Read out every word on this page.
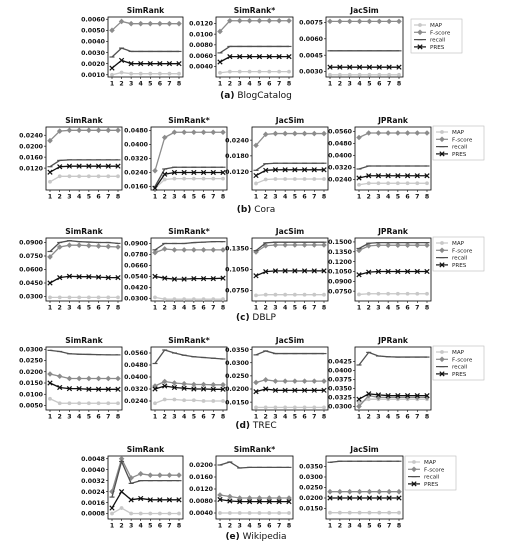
SimRank
0.0060
0.0050
0.0040
0.0030
0.0020
0.0010
1 2 3 4 5 6 7 8
SimRank*
0.0120
0.0100
0.0080
0.0060
0.0040
1 2 3 4 5 6 7 8
JacSim
0.0075
0.0060
0.0045
0.0030
1 2 3 4 5 6 7 8
SimRank
0.0240
0.0200
0.0160
0.0120
1 2 3 4 5 6 7 8
SimRank*
0.0480
0.0400
0.0320
0.0240
0.0160
1 2 3 4 5 6 7 8
JacSim
0.0240
0.0180
0.0120
1 2 3 4 5 6 7 8
JPRank
0.0560
0.0480
0.0400
0.0320
0.0240
1 2 3 4 5 6 7 8
SimRank
0.0900
0.0750
0.0600
0.0450
0.0300
1 2 3 4 5 6 7 8
SimRank*
0.0900
0.0780
0.0660
0.0540
0.0420
0.0300
1 2 3 4 5 6 7 8
JacSim
0.1350
0.1050
0.0750
1 2 3 4 5 6 7 8
JPRank
0.1500
0.1350
0.1200
0.1050
0.0900
0.0750
1 2 3 4 5 6 7 8
SimRank
0.0300
0.0250
0.0200
0.0150
0.0100
0.0050
1 2 3 4 5 6 7 8
SimRank*
0.0560
0.0480
0.0400
0.0320
0.0240
1 2 3 4 5 6 7 8
JacSim
0.0350
0.0300
0.0250
0.0200
0.0150
1 2 3 4 5 6 7 8
JPRank
0.0425
0.0400
0.0375
0.0350
0.0325
0.0300
1 2 3 4 5 6 7 8
SimRank
0.0048
0.0040
0.0032
0.0024
0.0016
0.0008
1 2 3 4 5 6 7 8
SimRank*
0.0200
0.0160
0.0120
0.0080
0.0040
1 2 3 4 5 6 7 8
JacSim
0.0350
0.0300
0.0250
0.0200
0.0150
1 2 3 4 5 6 7 8
MAP
F-score
recall
PRES
MAP
F-score
recall
PRES
MAP
F-score
recall
PRES
MAP
F-score
recall
PRES
MAP
F-score
recall
PRES
(a) BlogCatalog
(b) Cora
(c) DBLP
(d) TREC
(e) Wikipedia
